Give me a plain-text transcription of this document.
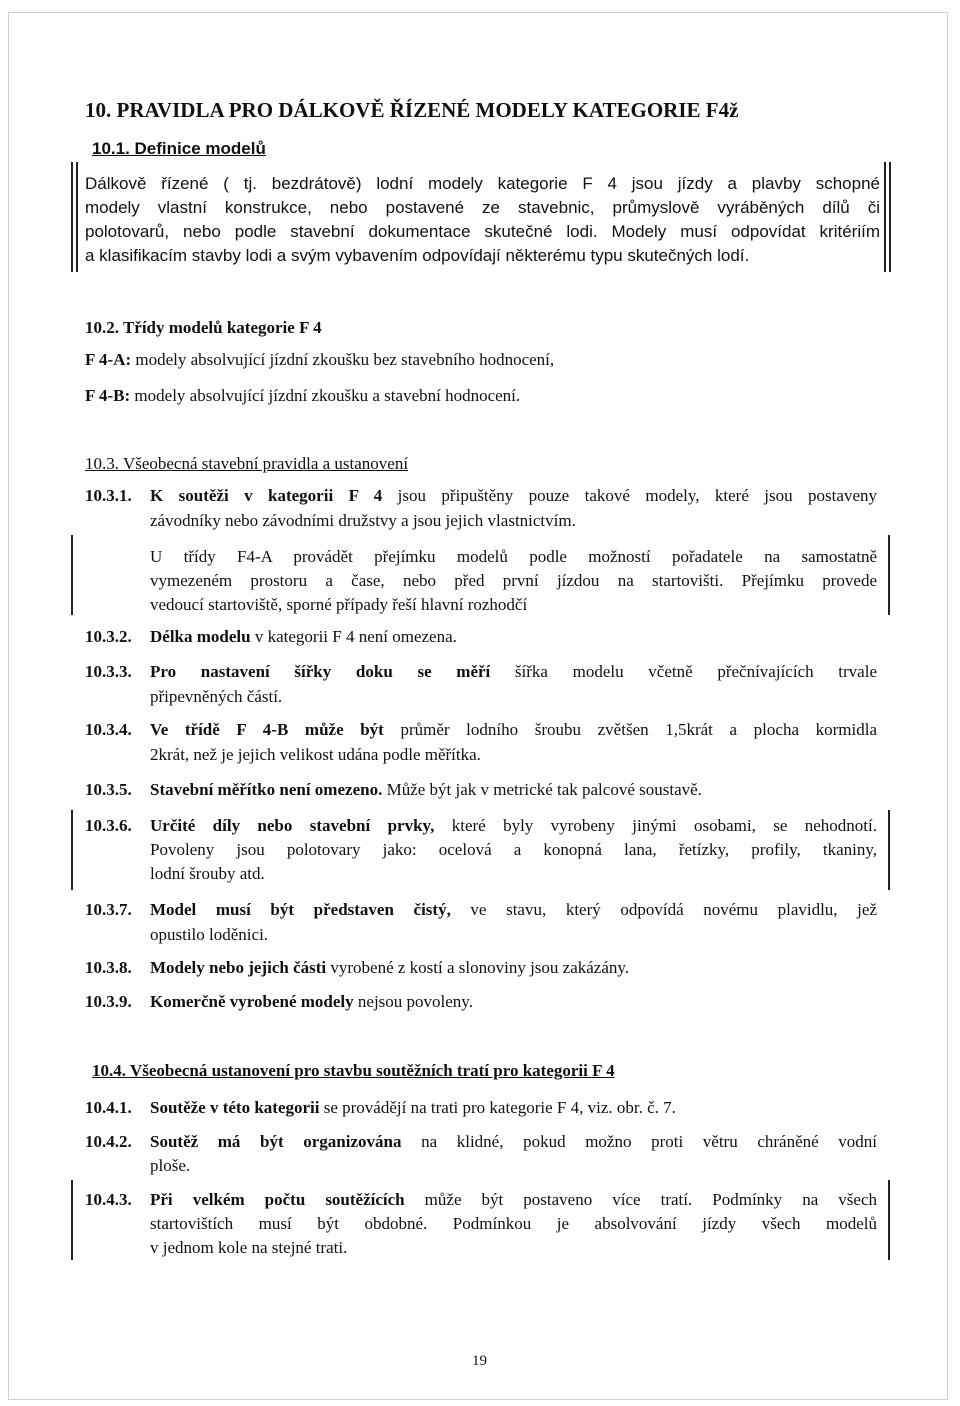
10. PRAVIDLA PRO DÁLKOVĚ ŘÍZENÉ MODELY KATEGORIE F4ž
10.1. Definice modelů
Dálkově řízené ( tj. bezdrátově) lodní modely kategorie F 4 jsou jízdy a plavby schopné
modely vlastní konstrukce, nebo postavené ze stavebnic, průmyslově vyráběných dílů či
polotovarů, nebo podle stavební dokumentace skutečné lodi. Modely musí odpovídat kritériím
a klasifikacím stavby lodi a svým vybavením odpovídají některému typu skutečných lodí.
10.2. Třídy modelů kategorie F 4
F 4-A: modely absolvující jízdní zkoušku bez stavebního hodnocení,
F 4-B: modely absolvující jízdní zkoušku a stavební hodnocení.
10.3. Všeobecná stavební pravidla a ustanovení
10.3.1. K soutěži v kategorii F 4 jsou připuštěny pouze takové modely, které jsou postaveny
závodníky nebo závodními družstvy a jsou jejich vlastnictvím.
U třídy F4-A provádět přejímku modelů podle možností pořadatele na samostatně
vymezeném prostoru a čase, nebo před první jízdou na startovišti. Přejímku provede
vedoucí startoviště, sporné případy řeší hlavní rozhodčí
10.3.2. Délka modelu v kategorii F 4 není omezena.
10.3.3. Pro nastavení šířky doku se měří šířka modelu včetně přečnívajících trvale
připevněných částí.
10.3.4. Ve třídě F 4-B může být průměr lodního šroubu zvětšen 1,5krát a plocha kormidla
2krát, než je jejich velikost udána podle měřítka.
10.3.5. Stavební měřítko není omezeno. Může být jak v metrické tak palcové soustavě.
10.3.6. Určité díly nebo stavební prvky, které byly vyrobeny jinými osobami, se nehodnotí.
Povoleny jsou polotovary jako: ocelová a konopná lana, řetízky, profily, tkaniny,
lodní šrouby atd.
10.3.7. Model musí být představen čistý, ve stavu, který odpovídá novému plavidlu, jež
opustilo loděnici.
10.3.8. Modely nebo jejich části vyrobené z kostí a slonoviny jsou zakázány.
10.3.9. Komerčně vyrobené modely nejsou povoleny.
10.4. Všeobecná ustanovení pro stavbu soutěžních tratí pro kategorii F 4
10.4.1. Soutěže v této kategorii se provádějí na trati pro kategorie F 4, viz. obr. č. 7.
10.4.2. Soutěž má být organizována na klidné, pokud možno proti větru chráněné vodní
ploše.
10.4.3. Při velkém počtu soutěžících může být postaveno více tratí. Podmínky na všech
startovištích musí být obdobné. Podmínkou je absolvování jízdy všech modelů
v jednom kole na stejné trati.
19
